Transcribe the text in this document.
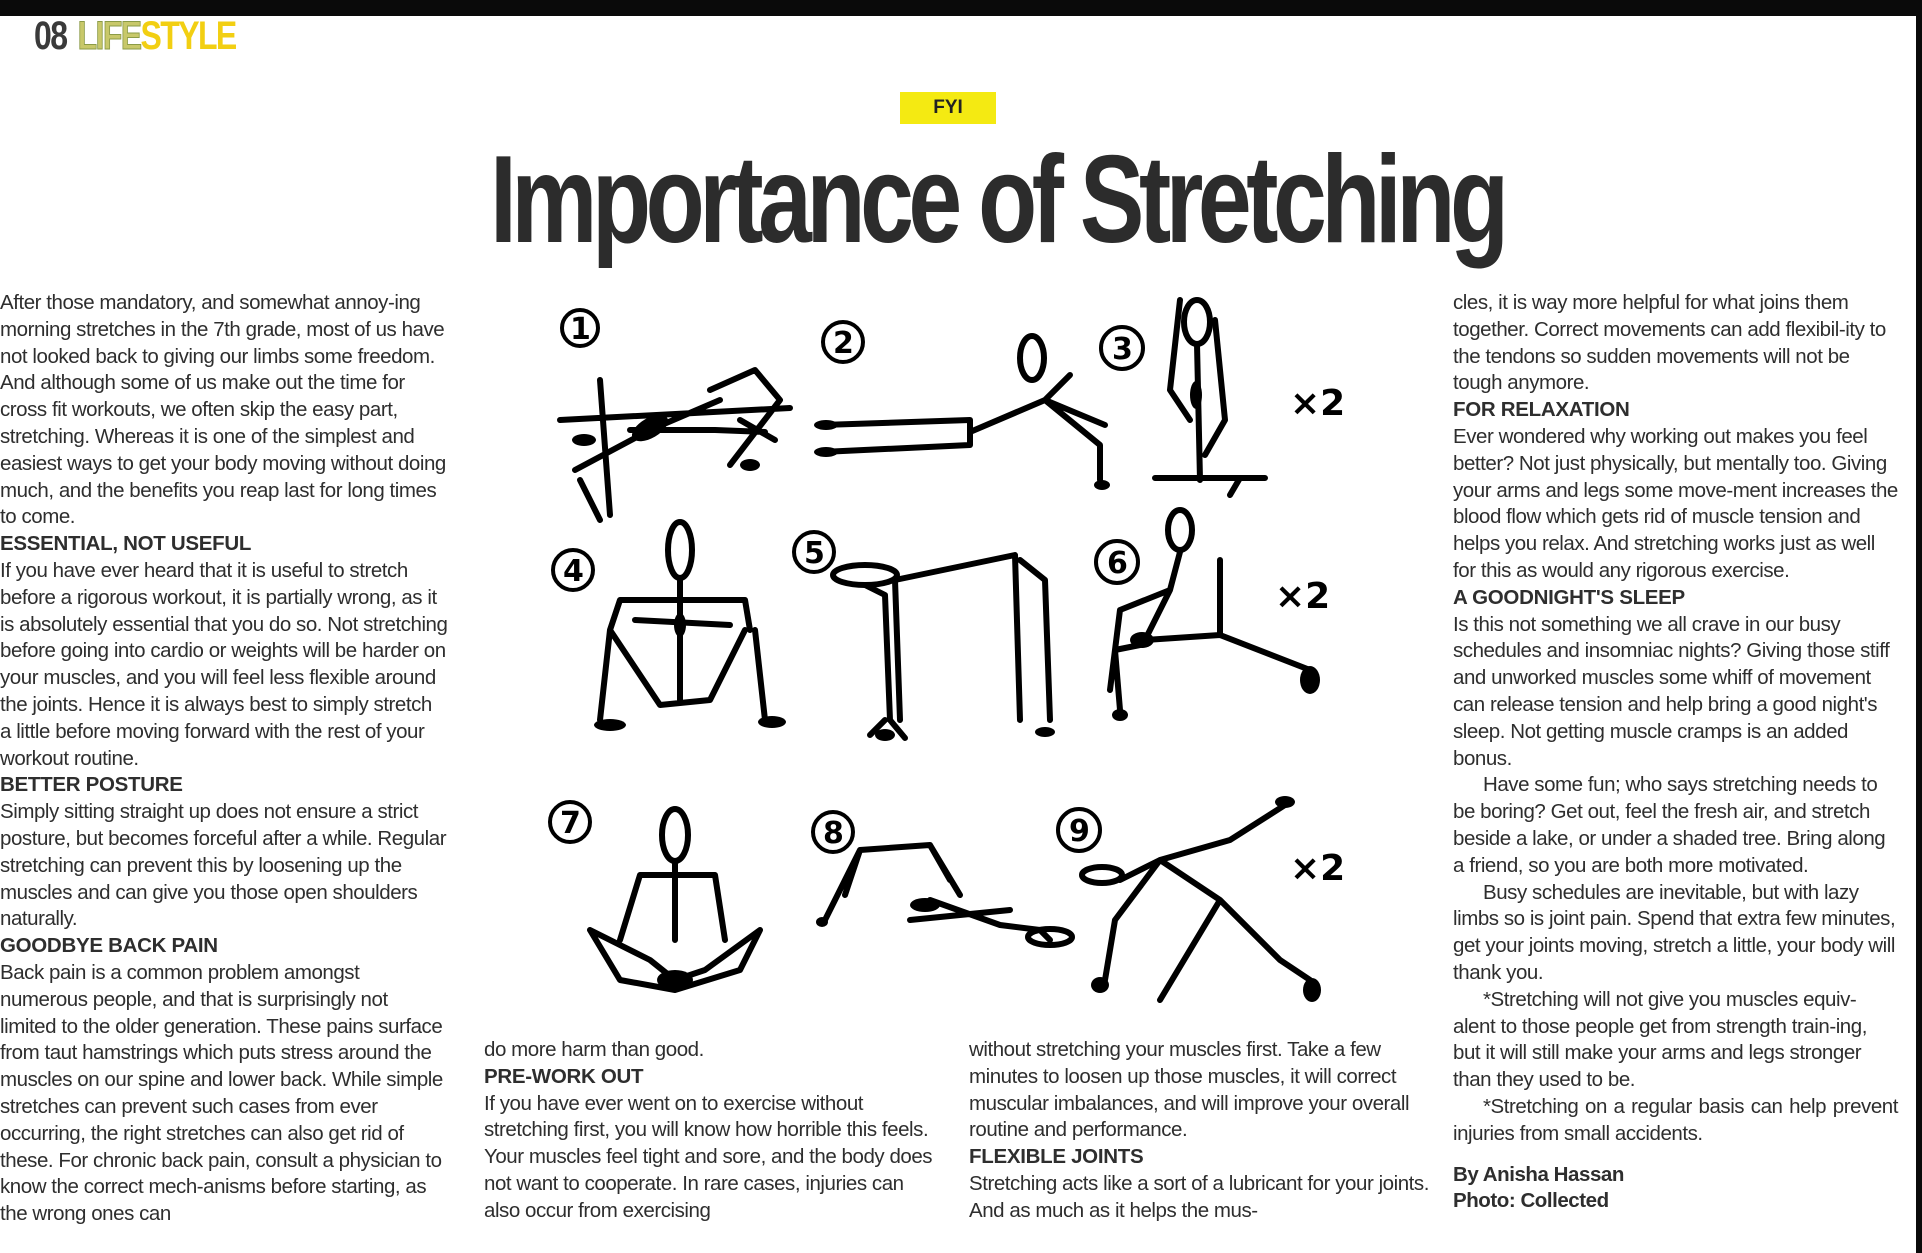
08 LIFE STYLE
FYI
Importance of Stretching

After those mandatory, and somewhat annoy-ing morning stretches in the 7th grade, most of us have not looked back to giving our limbs some freedom. And although some of us make out the time for cross fit workouts, we often skip the easy part, stretching. Whereas it is one of the simplest and easiest ways to get your body moving without doing much, and the benefits you reap last for long times to come.

ESSENTIAL, NOT USEFUL

If you have ever heard that it is useful to stretch before a rigorous workout, it is partially wrong, as it is absolutely essential that you do so. Not stretching before going into cardio or weights will be harder on your muscles, and you will feel less flexible around the joints. Hence it is always best to simply stretch a little before moving forward with the rest of your workout routine.

BETTER POSTURE

Simply sitting straight up does not ensure a strict posture, but becomes forceful after a while. Regular stretching can prevent this by loosening up the muscles and can give you those open shoulders naturally.

GOODBYE BACK PAIN

Back pain is a common problem amongst numerous people, and that is surprisingly not limited to the older generation. These pains surface from taut hamstrings which puts stress around the muscles on our spine and lower back. While simple stretches can prevent such cases from ever occurring, the right stretches can also get rid of these. For chronic back pain, consult a physician to know the correct mech-anisms before starting, as the wrong ones can

1	2	3
4
5	6
7	8	9
×2
×2
×2

do more harm than good.

PRE-WORK OUT

If you have ever went on to exercise without stretching first, you will know how horrible this feels. Your muscles feel tight and sore, and the body does not want to cooperate. In rare cases, injuries can also occur from exercising

without stretching your muscles first. Take a few minutes to loosen up those muscles, it will correct muscular imbalances, and will improve your overall routine and performance.

FLEXIBLE JOINTS

Stretching acts like a sort of a lubricant for your joints. And as much as it helps the mus-

cles, it is way more helpful for what joins them together. Correct movements can add flexibil-ity to the tendons so sudden movements will not be tough anymore.

FOR RELAXATION

Ever wondered why working out makes you feel better? Not just physically, but mentally too. Giving your arms and legs some move-ment increases the blood flow which gets rid of muscle tension and helps you relax. And stretching works just as well for this as would any rigorous exercise.

A GOODNIGHT'S SLEEP

Is this not something we all crave in our busy schedules and insomniac nights? Giving those stiff and unworked muscles some whiff of movement can release tension and help bring a good night's sleep. Not getting muscle cramps is an added bonus.

Have some fun; who says stretching needs to be boring? Get out, feel the fresh air, and stretch beside a lake, or under a shaded tree. Bring along a friend, so you are both more motivated.

Busy schedules are inevitable, but with lazy limbs so is joint pain. Spend that extra few minutes, get your joints moving, stretch a little, your body will thank you.

*Stretching will not give you muscles equiv-alent to those people get from strength train-ing, but it will still make your arms and legs stronger than they used to be.

*Stretching on a regular basis can help prevent injuries from small accidents.

By Anisha Hassan
Photo: Collected
